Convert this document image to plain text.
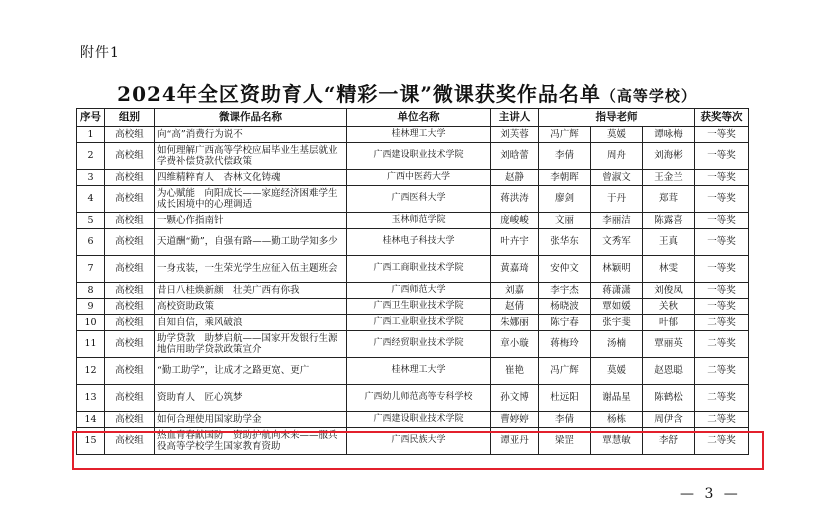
附件1
2024年全区资助育人“精彩一课”微课获奖作品名单（高等学校）
序号	组别	微课作品名称	单位名称	主讲人	指导老师			获奖等次
1	高校组	向“高”消费行为说不	桂林理工大学	刘芙蓉	冯广辉	莫媛	谭咏梅	一等奖
2	高校组	如何理解广西高等学校应届毕业生基层就业学费补偿贷款代偿政策	广西建设职业技术学院	刘晗蕾	李倩	周舟	刘海彬	一等奖
3	高校组	四维精粹育人　杏林文化铸魂	广西中医药大学	赵静	李朝晖	曾淑文	王金兰	一等奖
4	高校组	为心赋能　向阳成长——家庭经济困难学生成长困境中的心理调适	广西医科大学	蒋洪涛	廖剑	于丹	郑茸	一等奖
5	高校组	一颗心作指南针	玉林师范学院	庞峻峻	文丽	李丽洁	陈露喜	一等奖
6	高校组	天道酬“勤”，自强有路——勤工助学知多少	桂林电子科技大学	叶卉宇	张华东	文秀军	王真	一等奖
7	高校组	一身戎装，一生荣光学生应征入伍主题班会	广西工商职业技术学院	黄嘉琦	安仲文	林颖明	林雯	一等奖
8	高校组	昔日八桂焕新颜　壮美广西有你我	广西师范大学	刘嘉	李宇杰	蒋潇潇	刘俊凤	一等奖
9	高校组	高校资助政策	广西卫生职业技术学院	赵倩	杨晓波	覃如媛	关秋	一等奖
10	高校组	自知自信，乘风破浪	广西工业职业技术学院	朱娜丽	陈宁春	张宇斐	叶郁	二等奖
11	高校组	助学贷款　助梦启航——国家开发银行生源地信用助学贷款政策宣介	广西经贸职业技术学院	章小璇	蒋梅玲	汤楠	覃丽英	二等奖
12	高校组	“勤工助学”，让成才之路更宽、更广	桂林理工大学	崔艳	冯广辉	莫媛	赵恩聪	二等奖
13	高校组	资助育人　匠心筑梦	广西幼儿师范高等专科学校	孙文博	杜远阳	谢晶星	陈鹤松	二等奖
14	高校组	如何合理使用国家助学金	广西建设职业技术学院	曹婷婷	李倩	杨栋	周伊含	二等奖
15	高校组	热血青春献国防　资助护航向未来——服兵役高等学校学生国家教育资助	广西民族大学	谭亚丹	梁罡	覃慧敏	李舒	二等奖
— 3 —
